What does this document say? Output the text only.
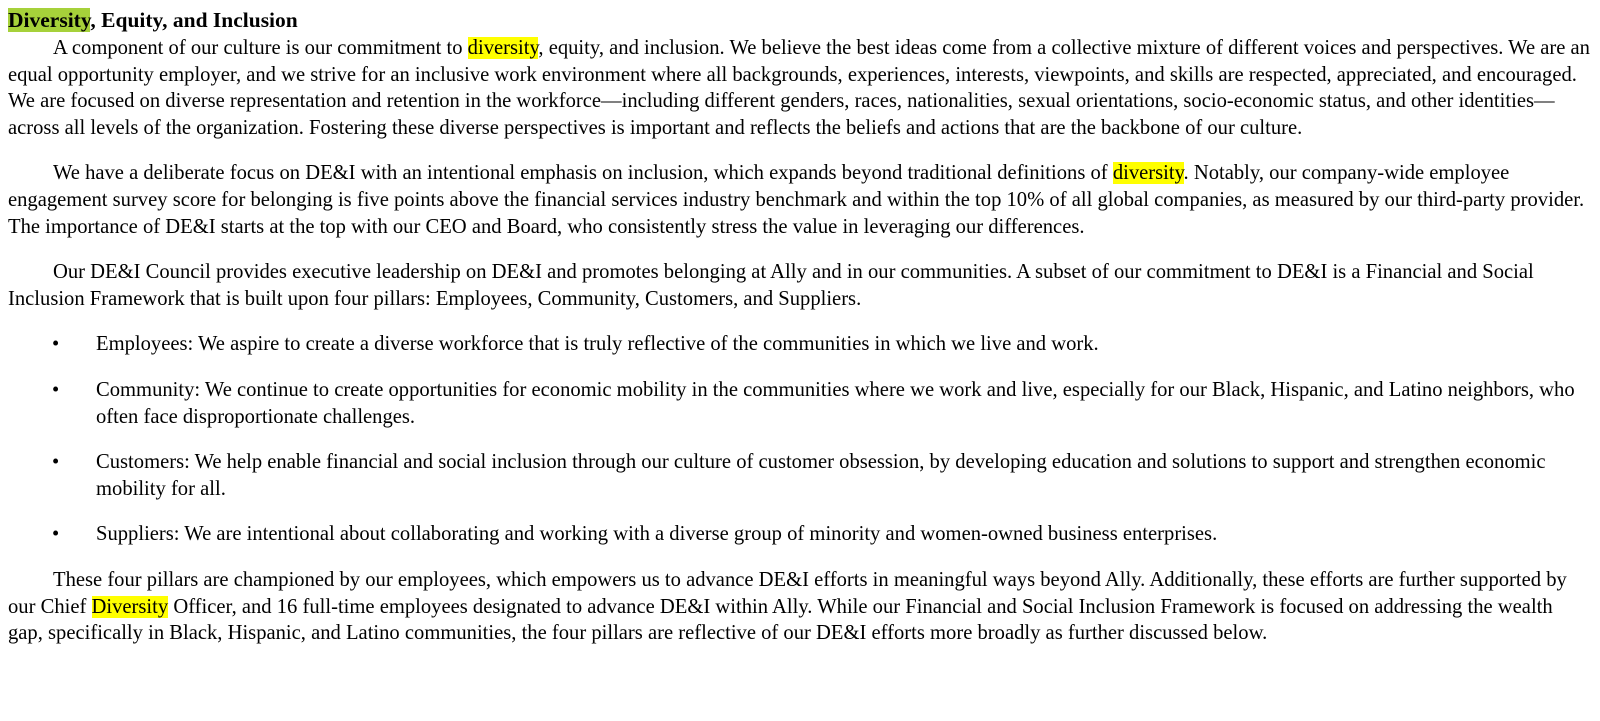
Diversity, Equity, and Inclusion

A component of our culture is our commitment to diversity, equity, and inclusion. We believe the best ideas come from a collective mixture of different voices and perspectives. We are an equal opportunity employer, and we strive for an inclusive work environment where all backgrounds, experiences, interests, viewpoints, and skills are respected, appreciated, and encouraged. We are focused on diverse representation and retention in the workforce—including different genders, races, nationalities, sexual orientations, socio-economic status, and other identities—across all levels of the organization. Fostering these diverse perspectives is important and reflects the beliefs and actions that are the backbone of our culture.

We have a deliberate focus on DE&I with an intentional emphasis on inclusion, which expands beyond traditional definitions of diversity. Notably, our company-wide employee engagement survey score for belonging is five points above the financial services industry benchmark and within the top 10% of all global companies, as measured by our third-party provider. The importance of DE&I starts at the top with our CEO and Board, who consistently stress the value in leveraging our differences.

Our DE&I Council provides executive leadership on DE&I and promotes belonging at Ally and in our communities. A subset of our commitment to DE&I is a Financial and Social Inclusion Framework that is built upon four pillars: Employees, Community, Customers, and Suppliers.

• Employees: We aspire to create a diverse workforce that is truly reflective of the communities in which we live and work.
• Community: We continue to create opportunities for economic mobility in the communities where we work and live, especially for our Black, Hispanic, and Latino neighbors, who often face disproportionate challenges.
• Customers: We help enable financial and social inclusion through our culture of customer obsession, by developing education and solutions to support and strengthen economic mobility for all.
• Suppliers: We are intentional about collaborating and working with a diverse group of minority and women-owned business enterprises.

These four pillars are championed by our employees, which empowers us to advance DE&I efforts in meaningful ways beyond Ally. Additionally, these efforts are further supported by our Chief Diversity Officer, and 16 full-time employees designated to advance DE&I within Ally. While our Financial and Social Inclusion Framework is focused on addressing the wealth gap, specifically in Black, Hispanic, and Latino communities, the four pillars are reflective of our DE&I efforts more broadly as further discussed below.
